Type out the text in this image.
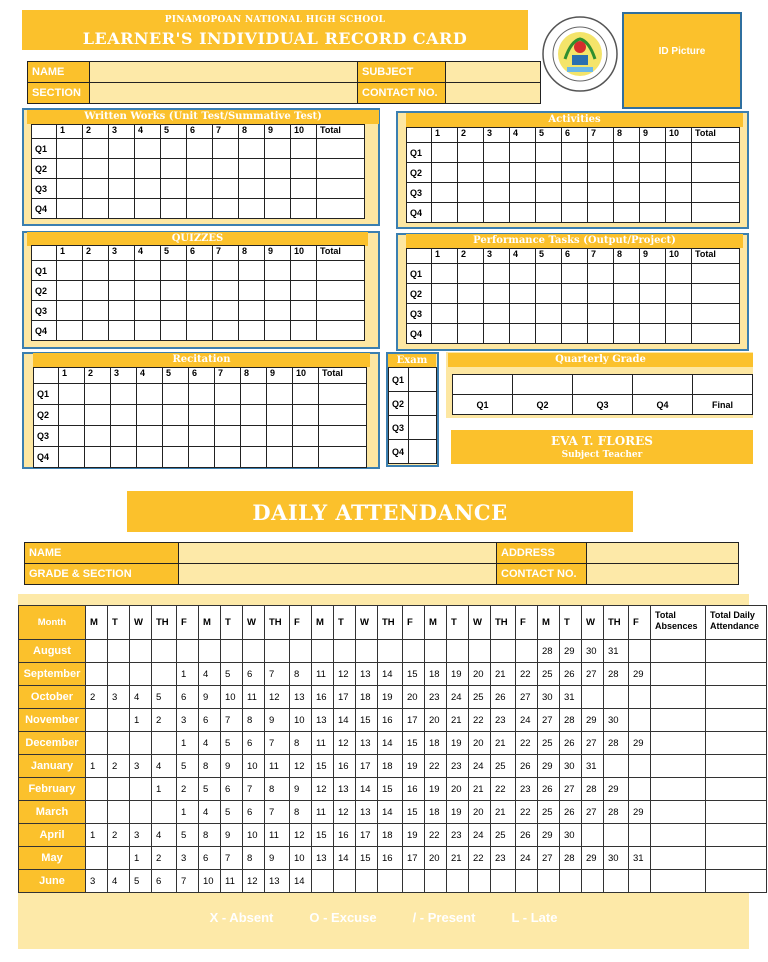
PINAMOPOAN NATIONAL HIGH SCHOOL
LEARNER'S INDIVIDUAL RECORD CARD
ID Picture
NAME		SUBJECT	
SECTION		CONTACT NO.	
Written Works (Unit Test/Summative Test)
	1	2	3	4	5	6	7	8	9	10	Total
Q1											
Q2											
Q3											
Q4											
Activities
	1	2	3	4	5	6	7	8	9	10	Total
Q1											
Q2											
Q3											
Q4											
QUIZZES
	1	2	3	4	5	6	7	8	9	10	Total
Q1											
Q2											
Q3											
Q4											
Performance Tasks (Output/Project)
	1	2	3	4	5	6	7	8	9	10	Total
Q1											
Q2											
Q3											
Q4											
Recitation
	1	2	3	4	5	6	7	8	9	10	Total
Q1											
Q2											
Q3											
Q4											
Exam
Q1	
Q2	
Q3	
Q4	
Quarterly Grade

Q1	Q2	Q3	Q4	Final
EVA T. FLORES
Subject Teacher
DAILY ATTENDANCE
NAME		ADDRESS	
GRADE & SECTION		CONTACT NO.	
Month	M	T	W	TH	F	M	T	W	TH	F	M	T	W	TH	F	M	T	W	TH	F	M	T	W	TH	F	Total Absences	Total Daily Attendance
August																					28	29	30	31			
September					1	4	5	6	7	8	11	12	13	14	15	18	19	20	21	22	25	26	27	28	29		
October	2	3	4	5	6	9	10	11	12	13	16	17	18	19	20	23	24	25	26	27	30	31					
November			1	2	3	6	7	8	9	10	13	14	15	16	17	20	21	22	23	24	27	28	29	30			
December					1	4	5	6	7	8	11	12	13	14	15	18	19	20	21	22	25	26	27	28	29		
January	1	2	3	4	5	8	9	10	11	12	15	16	17	18	19	22	23	24	25	26	29	30	31				
February				1	2	5	6	7	8	9	12	13	14	15	16	19	20	21	22	23	26	27	28	29			
March					1	4	5	6	7	8	11	12	13	14	15	18	19	20	21	22	25	26	27	28	29		
April	1	2	3	4	5	8	9	10	11	12	15	16	17	18	19	22	23	24	25	26	29	30					
May			1	2	3	6	7	8	9	10	13	14	15	16	17	20	21	22	23	24	27	28	29	30	31		
June	3	4	5	6	7	10	11	12	13	14																	
X - Absent	O - Excuse	/ - Present	L - Late
